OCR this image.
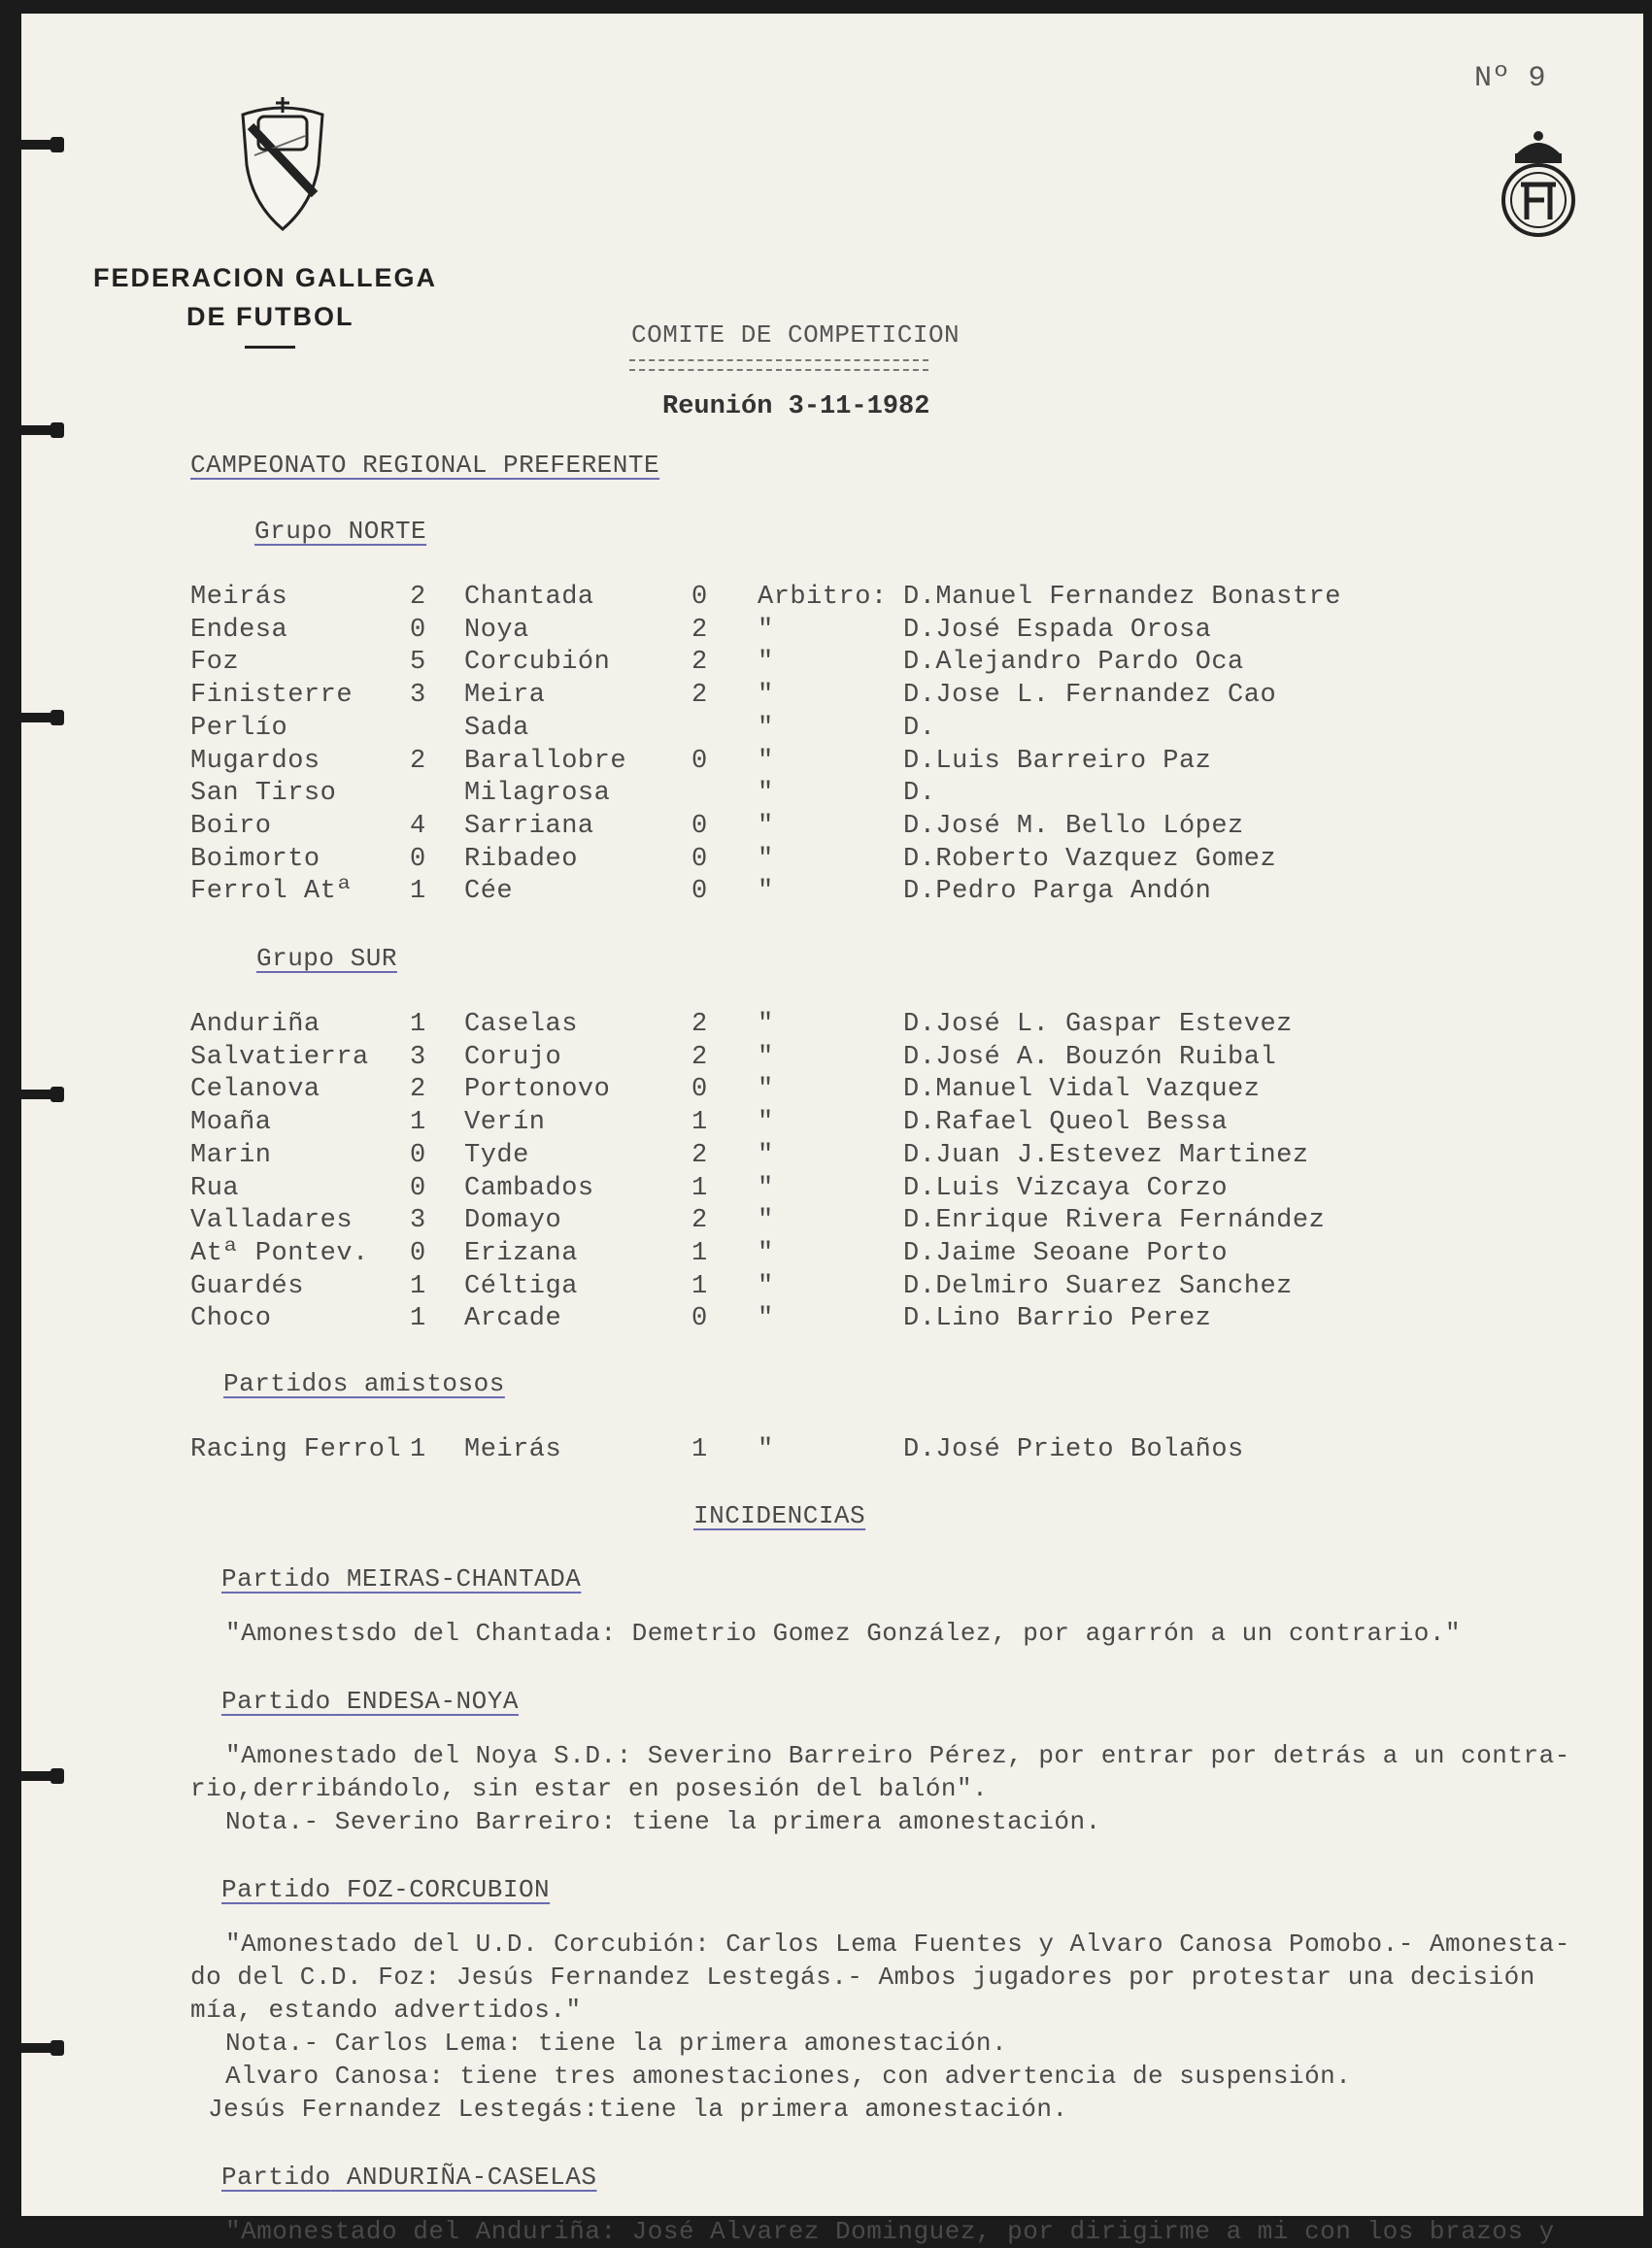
Nº 9
FEDERACION GALLEGA
DE FUTBOL
COMITE DE COMPETICION
Reunión 3-11-1982
CAMPEONATO REGIONAL PREFERENTE
Grupo NORTE
Meirás	2 Chantada	0 Arbitro: D.Manuel Fernandez Bonastre
Endesa	0 Noya	2 "	D.José Espada Orosa
Foz	5 Corcubión	2 "	D.Alejandro Pardo Oca
Finisterre 3 Meira	2 "	D.Jose L. Fernandez Cao
Perlío	Sada	"	D.
Mugardos	2 Barallobre 0 "	D.Luis Barreiro Paz
San Tirso	Milagrosa	"	D.
Boiro	4 Sarriana	0 "	D.José M. Bello López
Boimorto	0 Ribadeo	0 "	D.Roberto Vazquez Gomez
Ferrol Atª 1 Cée	0 "	D.Pedro Parga Andón
Grupo SUR
Anduriña	1 Caselas	2 "	D.José L. Gaspar Estevez
Salvatierra 3 Corujo	2 "	D.José A. Bouzón Ruibal
Celanova	2 Portonovo	0 "	D.Manuel Vidal Vazquez
Moaña	1 Verín	1 "	D.Rafael Queol Bessa
Marin	0 Tyde	2 "	D.Juan J.Estevez Martinez
Rua	0 Cambados	1 "	D.Luis Vizcaya Corzo
Valladares 3 Domayo	2 "	D.Enrique Rivera Fernández
Atª Pontev. 0 Erizana	1 "	D.Jaime Seoane Porto
Guardés	1 Céltiga	1 "	D.Delmiro Suarez Sanchez
Choco	1 Arcade	0 "	D.Lino Barrio Perez
Partidos amistosos
Racing Ferrol 1 Meirás	1 "	D.José Prieto Bolaños
INCIDENCIAS
Partido MEIRAS-CHANTADA
"Amonestsdo del Chantada: Demetrio Gomez González, por agarrón a un contrario."
Partido ENDESA-NOYA
"Amonestado del Noya S.D.: Severino Barreiro Pérez, por entrar por detrás a un contra-
rio,derribándolo, sin estar en posesión del balón".
Nota.- Severino Barreiro: tiene la primera amonestación.
Partido FOZ-CORCUBION
"Amonestado del U.D. Corcubión: Carlos Lema Fuentes y Alvaro Canosa Pomobo.- Amonesta-
do del C.D. Foz: Jesús Fernandez Lestegás.- Ambos jugadores por protestar una decisión
mía, estando advertidos."
Nota.- Carlos Lema: tiene la primera amonestación.
Alvaro Canosa: tiene tres amonestaciones, con advertencia de suspensión.
Jesús Fernandez Lestegás:tiene la primera amonestación.
Partido ANDURIÑA-CASELAS
"Amonestado del Anduriña: José Alvarez Dominguez, por dirigirme a mi con los brazos y
